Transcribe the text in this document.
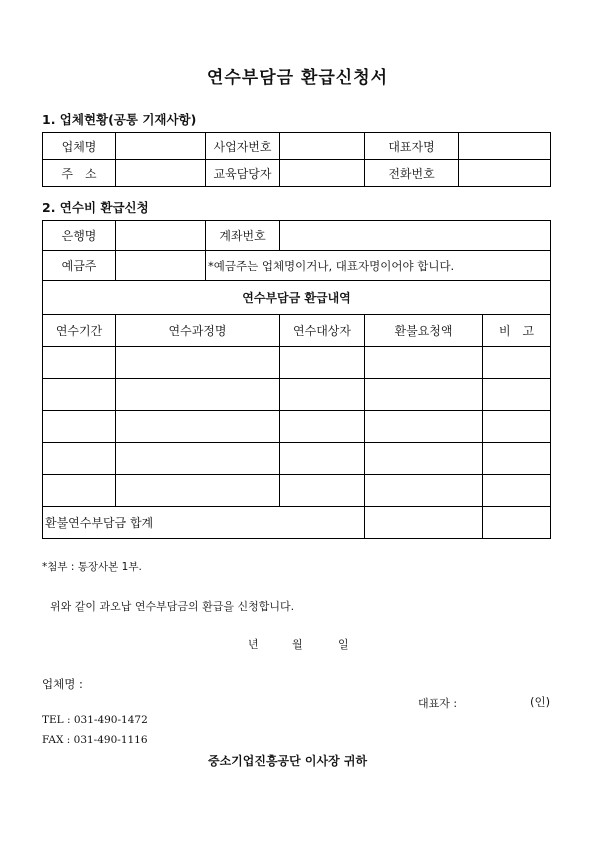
연수부담금 환급신청서
1. 업체현황(공통 기재사항)
업체명		사업자번호		대표자명	
주　소		교육담당자		전화번호	
2. 연수비 환급신청
은행명		계좌번호	
예금주		*예금주는 업체명이거나, 대표자명이어야 합니다.	
연수부담금 환급내역				
연수기간	연수과정명	연수대상자	환불요청액	비　고

환불연수부담금 합계				
*첨부 : 통장사본 1부.
위와 같이 과오납 연수부담금의 환급을 신청합니다.
년	월	일
업체명 :
대표자 :	(인)
TEL : 031-490-1472
FAX : 031-490-1116
중소기업진흥공단 이사장 귀하
